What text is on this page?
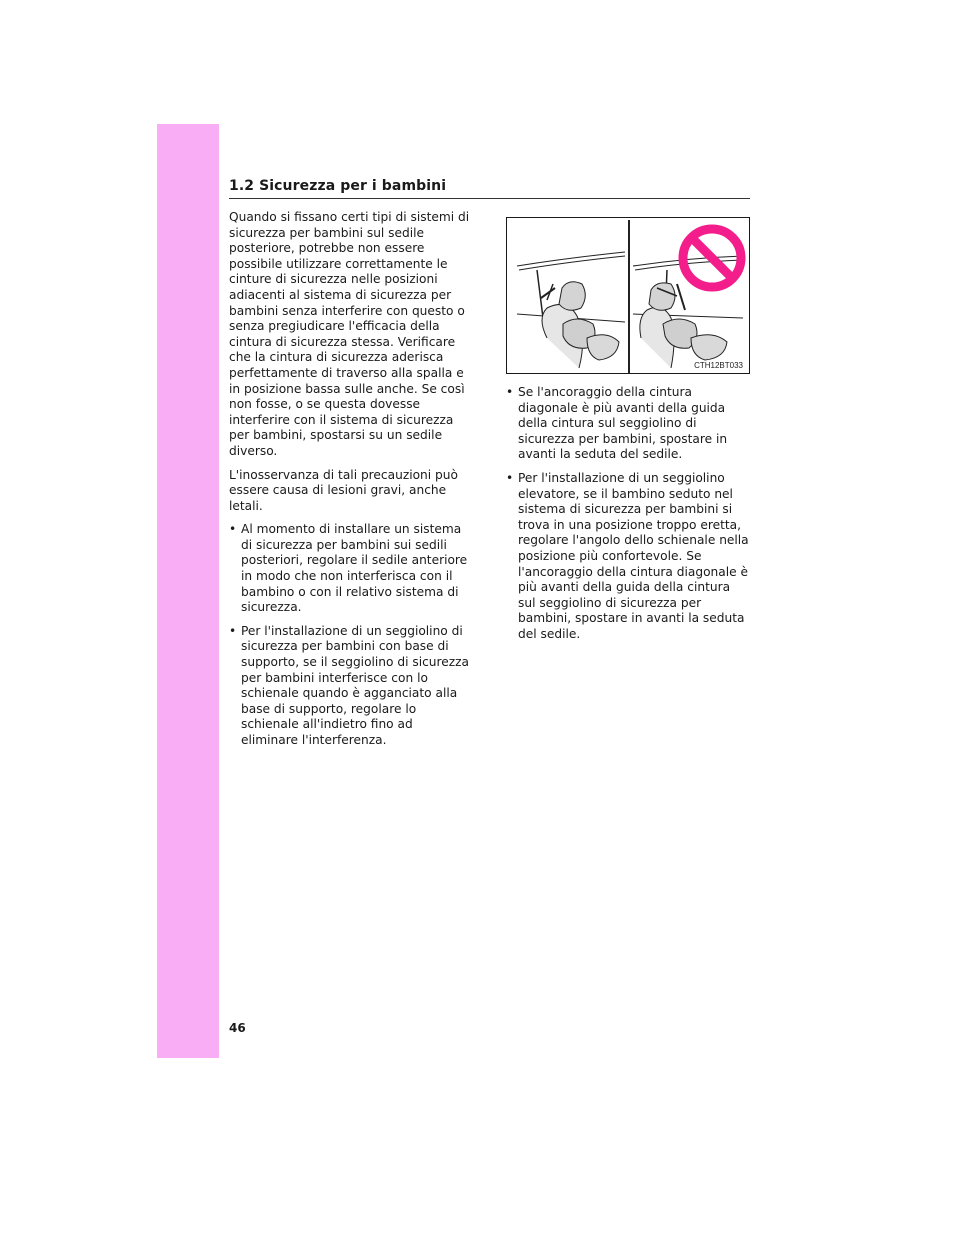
1.2 Sicurezza per i bambini

Quando si fissano certi tipi di sistemi di sicurezza per bambini sul sedile posteriore, potrebbe non essere possibile utilizzare correttamente le cinture di sicurezza nelle posizioni adiacenti al sistema di sicurezza per bambini senza interferire con questo o senza pregiudicare l'efficacia della cintura di sicurezza stessa. Verificare che la cintura di sicurezza aderisca perfettamente di traverso alla spalla e in posizione bassa sulle anche. Se così non fosse, o se questa dovesse interferire con il sistema di sicurezza per bambini, spostarsi su un sedile diverso.

L'inosservanza di tali precauzioni può essere causa di lesioni gravi, anche letali.

• Al momento di installare un sistema di sicurezza per bambini sui sedili posteriori, regolare il sedile anteriore in modo che non interferisca con il bambino o con il relativo sistema di sicurezza.
• Per l'installazione di un seggiolino di sicurezza per bambini con base di supporto, se il seggiolino di sicurezza per bambini interferisce con lo schienale quando è agganciato alla base di supporto, regolare lo schienale all'indietro fino ad eliminare l'interferenza.
CTH12BT033
• Se l'ancoraggio della cintura diagonale è più avanti della guida della cintura sul seggiolino di sicurezza per bambini, spostare in avanti la seduta del sedile.
• Per l'installazione di un seggiolino elevatore, se il bambino seduto nel sistema di sicurezza per bambini si trova in una posizione troppo eretta, regolare l'angolo dello schienale nella posizione più confortevole. Se l'ancoraggio della cintura diagonale è più avanti della guida della cintura sul seggiolino di sicurezza per bambini, spostare in avanti la seduta del sedile.
46
